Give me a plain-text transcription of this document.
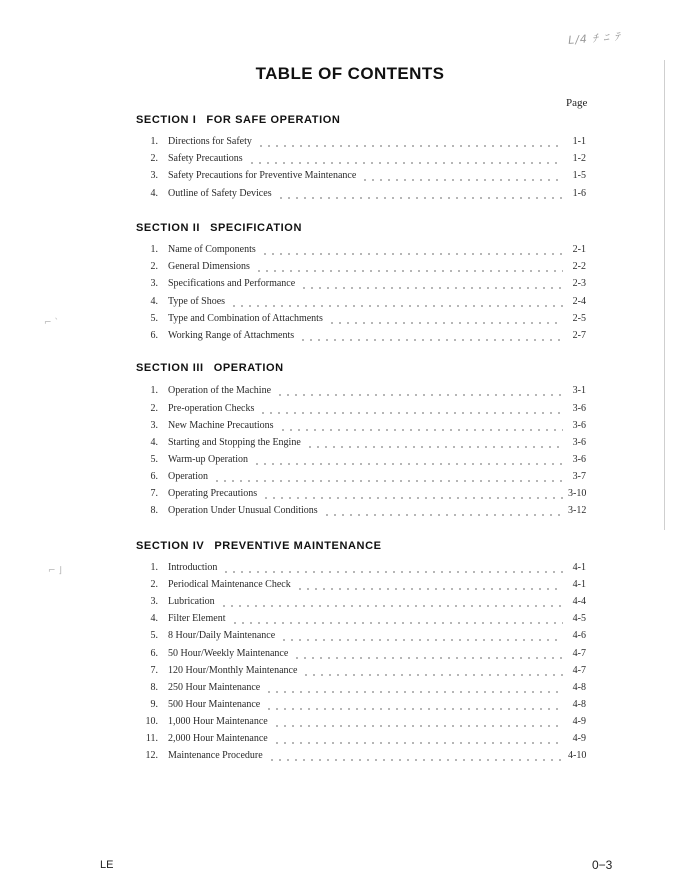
L/4 ﾁ ﾆ ﾃ
⌐ ˋ
⌐ ⌋
TABLE OF CONTENTS
Page
SECTION I FOR SAFE OPERATION
1. Directions for Safety	1-1
2. Safety Precautions	1-2
3. Safety Precautions for Preventive Maintenance	1-5
4. Outline of Safety Devices	1-6
SECTION II SPECIFICATION
1. Name of Components	2-1
2. General Dimensions	2-2
3. Specifications and Performance	2-3
4. Type of Shoes	2-4
5. Type and Combination of Attachments	2-5
6. Working Range of Attachments	2-7
SECTION III OPERATION
1. Operation of the Machine	3-1
2. Pre-operation Checks	3-6
3. New Machine Precautions	3-6
4. Starting and Stopping the Engine	3-6
5. Warm-up Operation	3-6
6. Operation	3-7
7. Operating Precautions	3-10
8. Operation Under Unusual Conditions	3-12
SECTION IV PREVENTIVE MAINTENANCE
1. Introduction	4-1
2. Periodical Maintenance Check	4-1
3. Lubrication	4-4
4. Filter Element	4-5
5. 8 Hour/Daily Maintenance	4-6
6. 50 Hour/Weekly Maintenance	4-7
7. 120 Hour/Monthly Maintenance	4-7
8. 250 Hour Maintenance	4-8
9. 500 Hour Maintenance	4-8
10. 1,000 Hour Maintenance	4-9
11. 2,000 Hour Maintenance	4-9
12. Maintenance Procedure	4-10
LE	0−3
